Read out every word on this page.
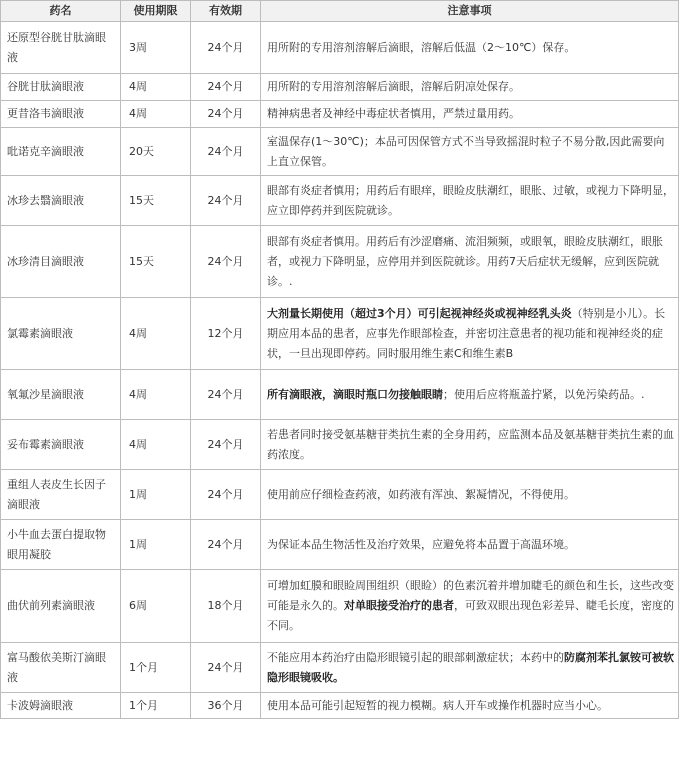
药名	使用期限	有效期	注意事项
还原型谷胱甘肽滴眼液	3周	24个月	用所附的专用溶剂溶解后滴眼，溶解后低温（2～10℃）保存。
谷胱甘肽滴眼液	4周	24个月	用所附的专用溶剂溶解后滴眼，溶解后阴凉处保存。
更昔洛韦滴眼液	4周	24个月	精神病患者及神经中毒症状者慎用，严禁过量用药。
吡诺克辛滴眼液	20天	24个月	室温保存(1～30℃)；本品可因保管方式不当导致摇混时粒子不易分散,因此需要向上直立保管。
冰珍去翳滴眼液	15天	24个月	眼部有炎症者慎用；用药后有眼痒，眼睑皮肤潮红，眼胀、过敏，或视力下降明显，应立即停药并到医院就诊。
冰珍清目滴眼液	15天	24个月	眼部有炎症者慎用。用药后有沙涩磨痛、流泪频频，或眼氧，眼睑皮肤潮红，眼胀者，或视力下降明显，应停用并到医院就诊。用药7天后症状无缓解，应到医院就诊。.
氯霉素滴眼液	4周	12个月	大剂量长期使用（超过3个月）可引起视神经炎或视神经乳头炎（特别是小儿）。长期应用本品的患者，应事先作眼部检查，并密切注意患者的视功能和视神经炎的症状，一旦出现即停药。同时服用维生素C和维生素B
氧氟沙星滴眼液	4周	24个月	所有滴眼液，滴眼时瓶口勿接触眼睛；使用后应将瓶盖拧紧，以免污染药品。.
妥布霉素滴眼液	4周	24个月	若患者同时接受氨基糖苷类抗生素的全身用药，应监测本品及氨基糖苷类抗生素的血药浓度。
重组人表皮生长因子滴眼液	1周	24个月	使用前应仔细检查药液，如药液有浑浊、絮凝情况，不得使用。
小牛血去蛋白提取物眼用凝胶	1周	24个月	为保证本品生物活性及治疗效果，应避免将本品置于高温环境。
曲伏前列素滴眼液	6周	18个月	可增加虹膜和眼睑周围组织（眼睑）的色素沉着并增加睫毛的颜色和生长，这些改变可能是永久的。对单眼接受治疗的患者，可致双眼出现色彩差异、睫毛长度，密度的不同。
富马酸依美斯汀滴眼液	1个月	24个月	不能应用本药治疗由隐形眼镜引起的眼部刺激症状；本药中的防腐剂苯扎氯铵可被软隐形眼镜吸收。
卡波姆滴眼液	1个月	36个月	使用本品可能引起短暂的视力模糊。病人开车或操作机器时应当小心。
